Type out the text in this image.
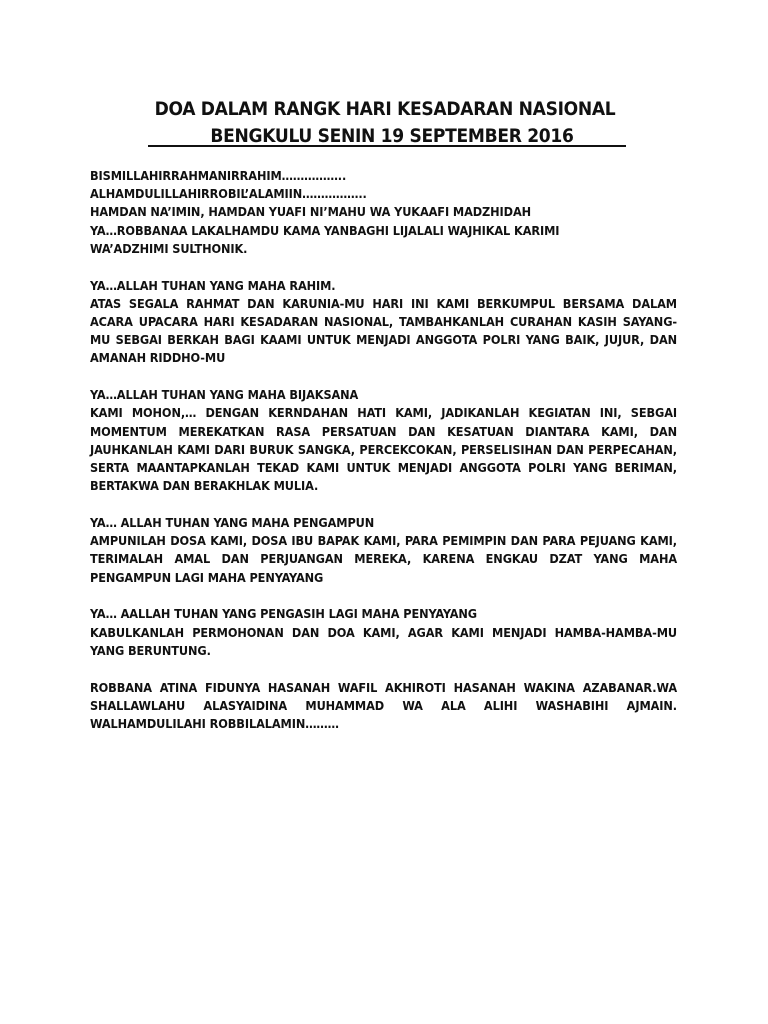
DOA DALAM RANGK HARI KESADARAN NASIONAL
BENGKULU SENIN 19 SEPTEMBER 2016
BISMILLAHIRRAHMANIRRAHIM……………..
ALHAMDULILLAHIRROBIL’ALAMIIN……………..
HAMDAN NA’IMIN, HAMDAN YUAFI NI’MAHU WA YUKAAFI MADZHIDAH
YA…ROBBANAA LAKALHAMDU KAMA YANBAGHI LIJALALI WAJHIKAL KARIMI
WA’ADZHIMI SULTHONIK.
YA…ALLAH TUHAN YANG MAHA RAHIM.
ATAS SEGALA RAHMAT DAN KARUNIA-MU HARI INI KAMI BERKUMPUL BERSAMA DALAM ACARA UPACARA HARI KESADARAN NASIONAL, TAMBAHKANLAH CURAHAN KASIH SAYANG-MU SEBGAI BERKAH BAGI KAAMI UNTUK MENJADI ANGGOTA POLRI YANG BAIK, JUJUR, DAN AMANAH RIDDHO-MU
YA…ALLAH TUHAN YANG MAHA BIJAKSANA
KAMI MOHON,… DENGAN KERNDAHAN HATI KAMI, JADIKANLAH KEGIATAN INI, SEBGAI MOMENTUM MEREKATKAN RASA PERSATUAN DAN KESATUAN DIANTARA KAMI, DAN JAUHKANLAH KAMI DARI BURUK SANGKA, PERCEKCOKAN, PERSELISIHAN DAN PERPECAHAN, SERTA MAANTAPKANLAH TEKAD KAMI UNTUK MENJADI ANGGOTA POLRI YANG BERIMAN, BERTAKWA DAN BERAKHLAK MULIA.
YA… ALLAH TUHAN YANG MAHA PENGAMPUN
AMPUNILAH DOSA KAMI, DOSA IBU BAPAK KAMI, PARA PEMIMPIN DAN PARA PEJUANG KAMI, TERIMALAH AMAL DAN PERJUANGAN MEREKA, KARENA ENGKAU DZAT YANG MAHA PENGAMPUN LAGI MAHA PENYAYANG
YA… AALLAH TUHAN YANG PENGASIH LAGI MAHA PENYAYANG
KABULKANLAH PERMOHONAN DAN DOA KAMI, AGAR KAMI MENJADI HAMBA-HAMBA-MU YANG BERUNTUNG.
ROBBANA ATINA FIDUNYA HASANAH WAFIL AKHIROTI HASANAH WAKINA AZABANAR.WA SHALLAWLAHU ALASYAIDINA MUHAMMAD WA ALA ALIHI WASHABIHI AJMAIN. WALHAMDULILAHI ROBBILALAMIN………
